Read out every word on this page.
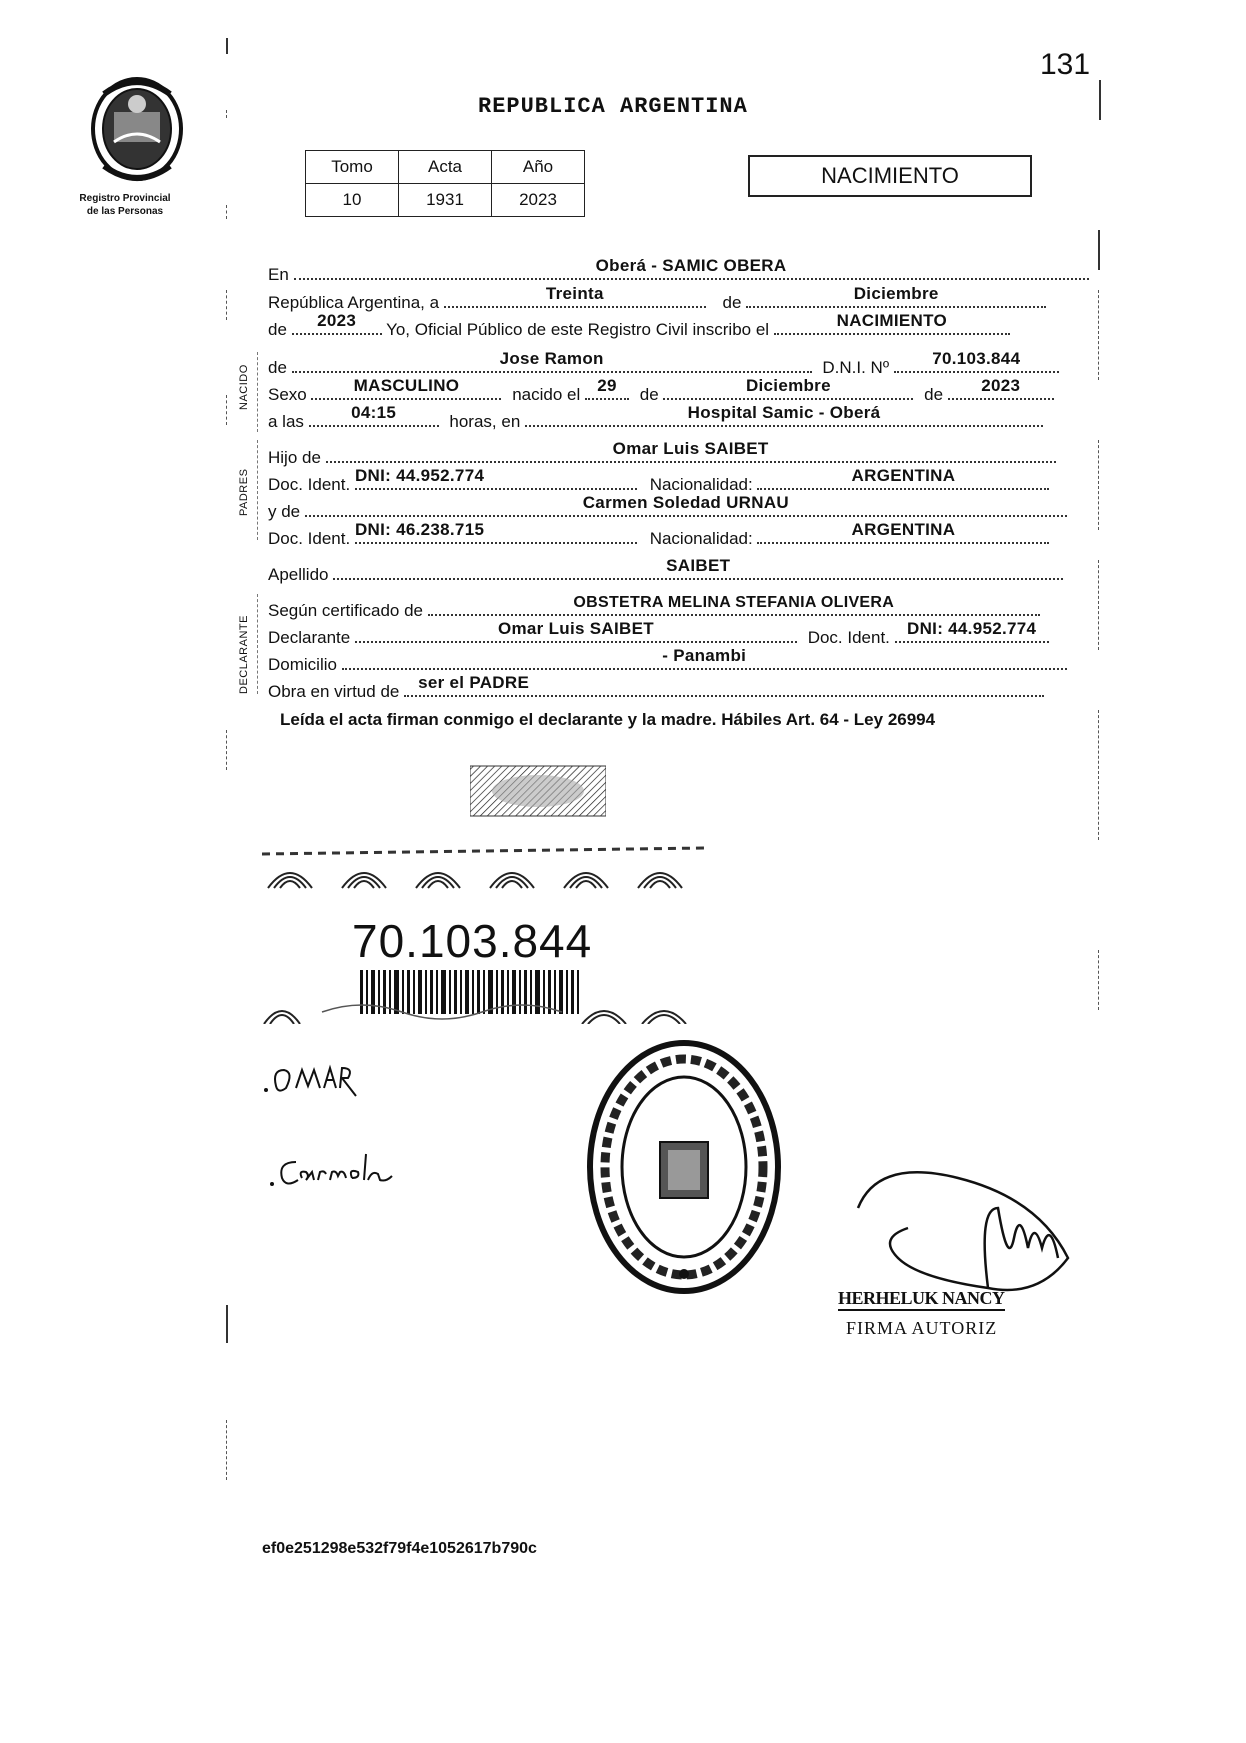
131
Registro Provincial
de las Personas
REPUBLICA ARGENTINA
Tomo	Acta	Año
10	1931	2023
NACIMIENTO
En	Oberá - SAMIC OBERA
República Argentina, a	Treinta	de	Diciembre
de	2023	Yo, Oficial Público de este Registro Civil inscribo el	NACIMIENTO
NACIDO de	Jose Ramon	D.N.I. Nº	70.103.844
Sexo	MASCULINO	nacido el 29	de	Diciembre	de	2023
a las	04:15	horas, en	Hospital Samic - Oberá
PADRES
Hijo de	Omar Luis SAIBET
Doc. Ident. DNI: 44.952.774	Nacionalidad:	ARGENTINA
y de	Carmen Soledad URNAU
Doc. Ident. DNI: 46.238.715	Nacionalidad:	ARGENTINA
Apellido	SAIBET
DECLARANTE
Según certificado de	OBSTETRA MELINA STEFANIA OLIVERA
Declarante	Omar Luis SAIBET	Doc. Ident.	DNI: 44.952.774
Domicilio	- Panambi
Obra en virtud de ser el PADRE
Leída el acta firman conmigo el declarante y la madre. Hábiles Art. 64 - Ley 26994
70.103.844
HERHELUK NANCY
FIRMA AUTORIZ
ef0e251298e532f79f4e1052617b790c
